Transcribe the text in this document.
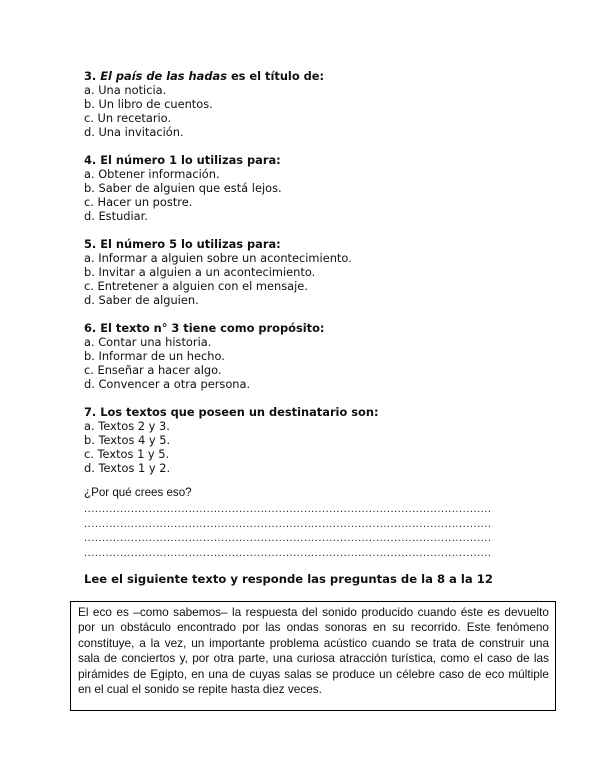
3. El país de las hadas es el título de:
a. Una noticia.
b. Un libro de cuentos.
c. Un recetario.
d. Una invitación.
4. El número 1 lo utilizas para:
a. Obtener información.
b. Saber de alguien que está lejos.
c. Hacer un postre.
d. Estudiar.
5. El número 5 lo utilizas para:
a. Informar a alguien sobre un acontecimiento.
b. Invitar a alguien a un acontecimiento.
c. Entretener a alguien con el mensaje.
d. Saber de alguien.
6. El texto n° 3 tiene como propósito:
a. Contar una historia.
b. Informar de un hecho.
c. Enseñar a hacer algo.
d. Convencer a otra persona.
7. Los textos que poseen un destinatario son:
a. Textos 2 y 3.
b. Textos 4 y 5.
c. Textos 1 y 5.
d. Textos 1 y 2.
¿Por qué crees eso?
.................................................................................................................
.................................................................................................................
.................................................................................................................
.................................................................................................................
Lee el siguiente texto y responde las preguntas de la 8 a la 12

El eco es –como sabemos– la respuesta del sonido producido cuando éste es devuelto por un obstáculo encontrado por las ondas sonoras en su recorrido. Este fenómeno constituye, a la vez, un importante problema acústico cuando se trata de construir una sala de conciertos y, por otra parte, una curiosa atracción turística, como el caso de las pirámides de Egipto, en una de cuyas salas se produce un célebre caso de eco múltiple en el cual el sonido se repite hasta diez veces.
